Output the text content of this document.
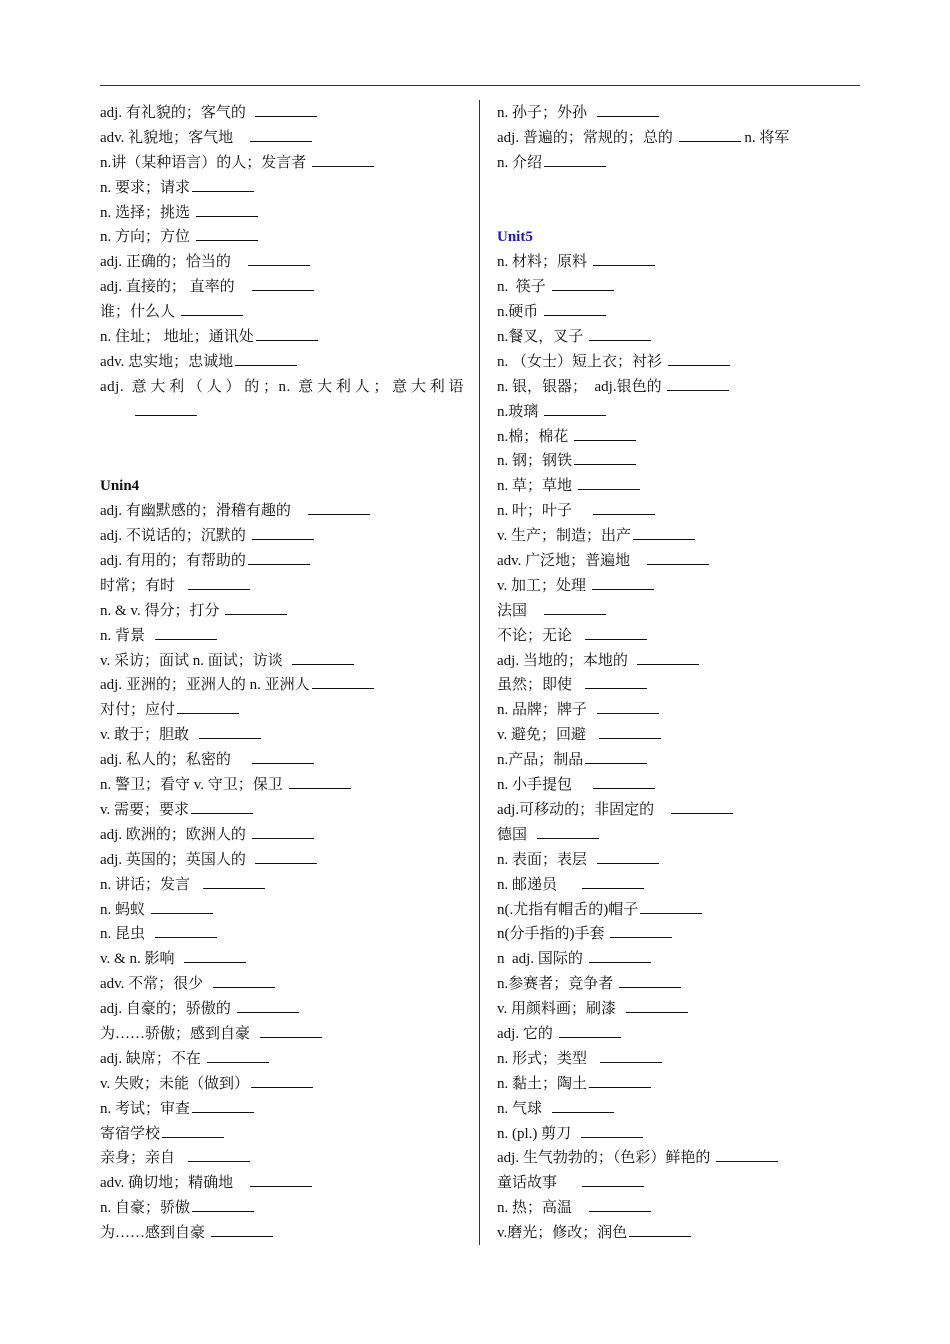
adj. 有礼貌的；客气的
adv. 礼貌地；客气地
n.讲（某种语言）的人；发言者
n. 要求；请求
n. 选择；挑选
n. 方向；方位
adj. 正确的；恰当的
adj. 直接的； 直率的
谁；什么人
n. 住址； 地址；通讯处
adv. 忠实地；忠诚地
adj. 意大利（人）的；n. 意大利人；意大利语
Unin4
adj. 有幽默感的；滑稽有趣的
adj. 不说话的；沉默的
adj. 有用的；有帮助的
时常；有时
n. & v. 得分；打分
n. 背景
v. 采访；面试 n. 面试；访谈
adj. 亚洲的；亚洲人的 n. 亚洲人
对付；应付
v. 敢于；胆敢
adj. 私人的；私密的
n. 警卫；看守 v. 守卫；保卫
v. 需要；要求
adj. 欧洲的；欧洲人的
adj. 英国的；英国人的
n. 讲话；发言
n. 蚂蚁
n. 昆虫
v. & n. 影响
adv. 不常；很少
adj. 自豪的；骄傲的
为……骄傲；感到自豪
adj. 缺席；不在
v. 失败；未能（做到）
n. 考试；审查
寄宿学校
亲身；亲自
adv. 确切地；精确地
n. 自豪；骄傲
为……感到自豪
n. 孙子；外孙
adj. 普遍的；常规的；总的	n. 将军
n. 介绍
Unit5
n. 材料；原料
n.  筷子
n.硬币
n.餐叉，叉子
n. （女士）短上衣；衬衫
n. 银，银器；  adj.银色的
n.玻璃
n.棉；棉花
n. 钢；钢铁
n. 草；草地
n. 叶；叶子
v. 生产；制造；出产
adv. 广泛地；普遍地
v. 加工；处理
法国
不论；无论
adj. 当地的；本地的
虽然；即使
n. 品牌；牌子
v. 避免；回避
n.产品；制品
n. 小手提包
adj.可移动的；非固定的
德国
n. 表面；表层
n. 邮递员
n(.尤指有帽舌的)帽子
n(分手指的)手套
n  adj. 国际的
n.参赛者；竞争者
v. 用颜料画；刷漆
adj. 它的
n. 形式；类型
n. 黏土；陶土
n. 气球
n. (pl.) 剪刀
adj. 生气勃勃的；（色彩）鲜艳的
童话故事
n. 热；高温
v.磨光；修改；润色
